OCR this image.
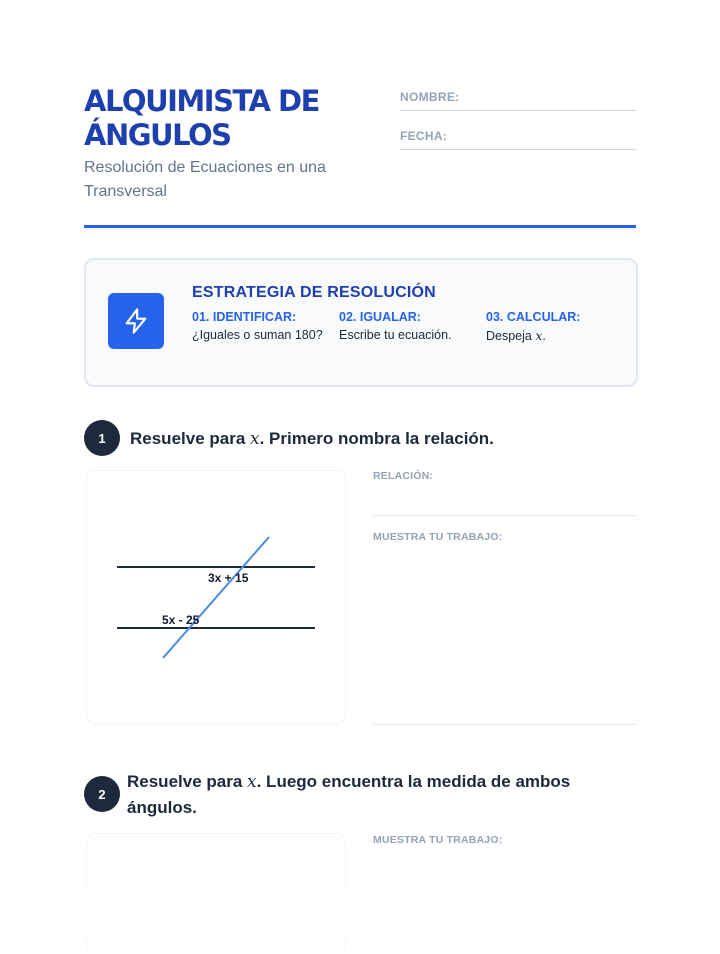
ALQUIMISTA DE ÁNGULOS
Resolución de Ecuaciones en una Transversal
NOMBRE:
FECHA:
ESTRATEGIA DE RESOLUCIÓN
01. IDENTIFICAR:
¿Iguales o suman 180?
02. IGUALAR:
Escribe tu ecuación.
03. CALCULAR:
Despeja x.
1	Resuelve para x. Primero nombra la relación.
3x + 15
5x - 25
RELACIÓN:
MUESTRA TU TRABAJO:
2
Resuelve para x. Luego encuentra la medida de ambos ángulos.
MUESTRA TU TRABAJO:
